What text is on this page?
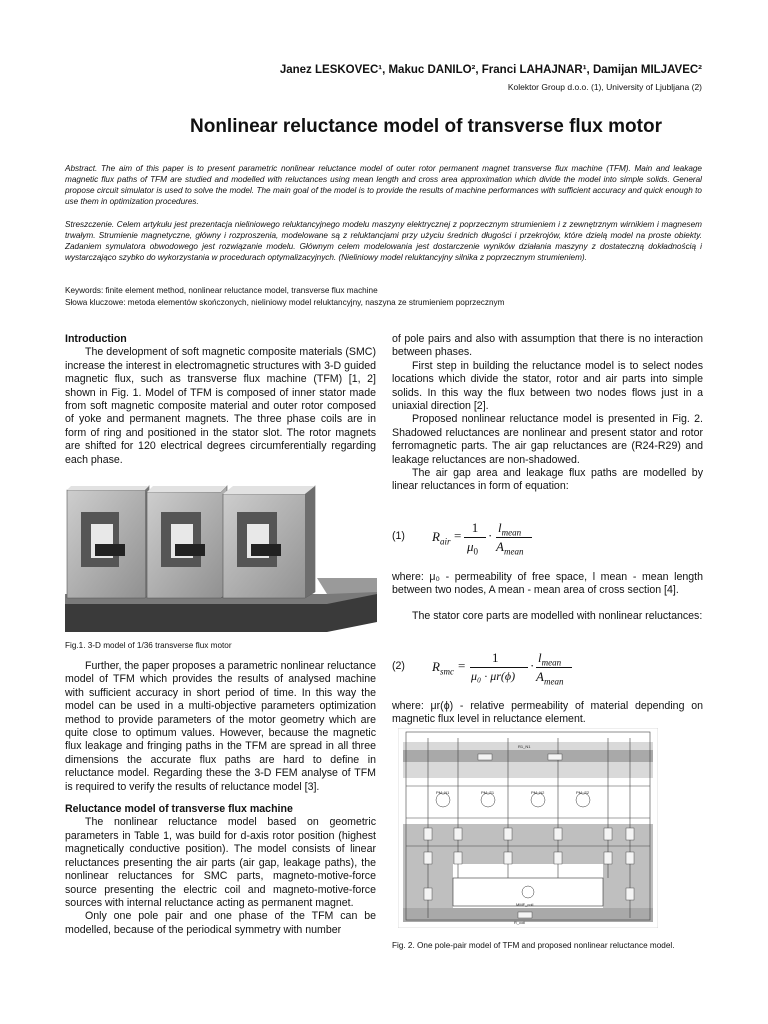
Janez LESKOVEC¹, Makuc DANILO², Franci LAHAJNAR¹, Damijan MILJAVEC²
Kolektor Group d.o.o. (1), University of Ljubljana (2)
Nonlinear reluctance model of transverse flux motor

Abstract. The aim of this paper is to present parametric nonlinear reluctance model of outer rotor permanent magnet transverse flux machine (TFM). Main and leakage magnetic flux paths of TFM are studied and modelled with reluctances using mean length and cross area approximation which divide the model into simple solids. General propose circuit simulator is used to solve the model. The main goal of the model is to provide the results of machine performances with sufficient accuracy and quick enough to use them in optimization procedures.

Streszczenie. Celem artykułu jest prezentacja nieliniowego reluktancyjnego modelu maszyny elektrycznej z poprzecznym strumieniem i z zewnętrznym wirnikiem i magnesem trwałym. Strumienie magnetyczne, główny i rozproszenia, modelowane są z reluktancjami przy użyciu średnich długości i przekrojów, które dzielą model na proste obiekty. Zadaniem symulatora obwodowego jest rozwiązanie modelu. Głównym celem modelowania jest dostarczenie wyników działania maszyny z dostateczną dokładnością i wystarczająco szybko do wykorzystania w procedurach optymalizacyjnych. (Nieliniowy model reluktancyjny silnika z poprzecznym strumieniem).

Keywords: finite element method, nonlinear reluctance model, transverse flux machine

Słowa kluczowe: metoda elementów skończonych, nieliniowy model reluktancyjny, naszyna ze strumieniem poprzecznym

Introduction

The development of soft magnetic composite materials (SMC) increase the interest in electromagnetic structures with 3-D guided magnetic flux, such as transverse flux machine (TFM) [1, 2] shown in Fig. 1. Model of TFM is composed of inner stator made from soft magnetic composite material and outer rotor composed of yoke and permanent magnets. The three phase coils are in form of ring and positioned in the stator slot. The rotor magnets are shifted for 120 electrical degrees circumferentially regarding each phase.

Fig.1. 3-D model of 1/36 transverse flux motor

Further, the paper proposes a parametric nonlinear reluctance model of TFM which provides the results of analysed machine with sufficient accuracy in short period of time. In this way the model can be used in a multi-objective parameters optimization method to provide parameters of the motor geometry which are quite close to optimum values. However, because the magnetic flux leakage and fringing paths in the TFM are spread in all three dimensions the accurate flux paths are hard to define in reluctance model. Regarding these the 3-D FEM analyse of TFM is required to verify the results of reluctance model [3].

Reluctance model of transverse flux machine

The nonlinear reluctance model based on geometric parameters in Table 1, was build for d-axis rotor position (highest magnetically conductive position). The model consists of linear reluctances presenting the air parts (air gap, leakage paths), the nonlinear reluctances for SMC parts, magneto-motive-force source presenting the electric coil and magneto-motive-force sources with internal reluctance acting as permanent magnet.

Only one pole pair and one phase of the TFM can be modelled, because of the periodical symmetry with number

of pole pairs and also with assumption that there is no interaction between phases.

First step in building the reluctance model is to select nodes locations which divide the stator, rotor and air parts into simple solids. In this way the flux between two nodes flows just in a uniaxial direction [2].

Proposed nonlinear reluctance model is presented in Fig. 2. Shadowed reluctances are nonlinear and present stator and rotor ferromagnetic parts. The air gap reluctances are (R24-R29) and leakage reluctances are non-shadowed.

The air gap area and leakage flux paths are modelled by linear reluctances in form of equation:

(1) $R_{air}$ =
1
$\mu_0$
·
$l_{mean}$
$A_{mean}$

where: μ₀ - permeability of free space, l mean - mean length between two nodes, A mean - mean area of cross section [4].

The stator core parts are modelled with nonlinear reluctances:

(2) $R_{smc}$ =
1
μ₀ · μr(ϕ)
·
$l_{mean}$
$A_{mean}$

where: μr(ϕ) - relative permeability of material depending on magnetic flux level in reluctance element.

PM_N1	PM_S1	PM_N2	PM_S2
R1_N1
MMF_coil
R_coil
Fig. 2. One pole-pair model of TFM and proposed nonlinear reluctance model.
